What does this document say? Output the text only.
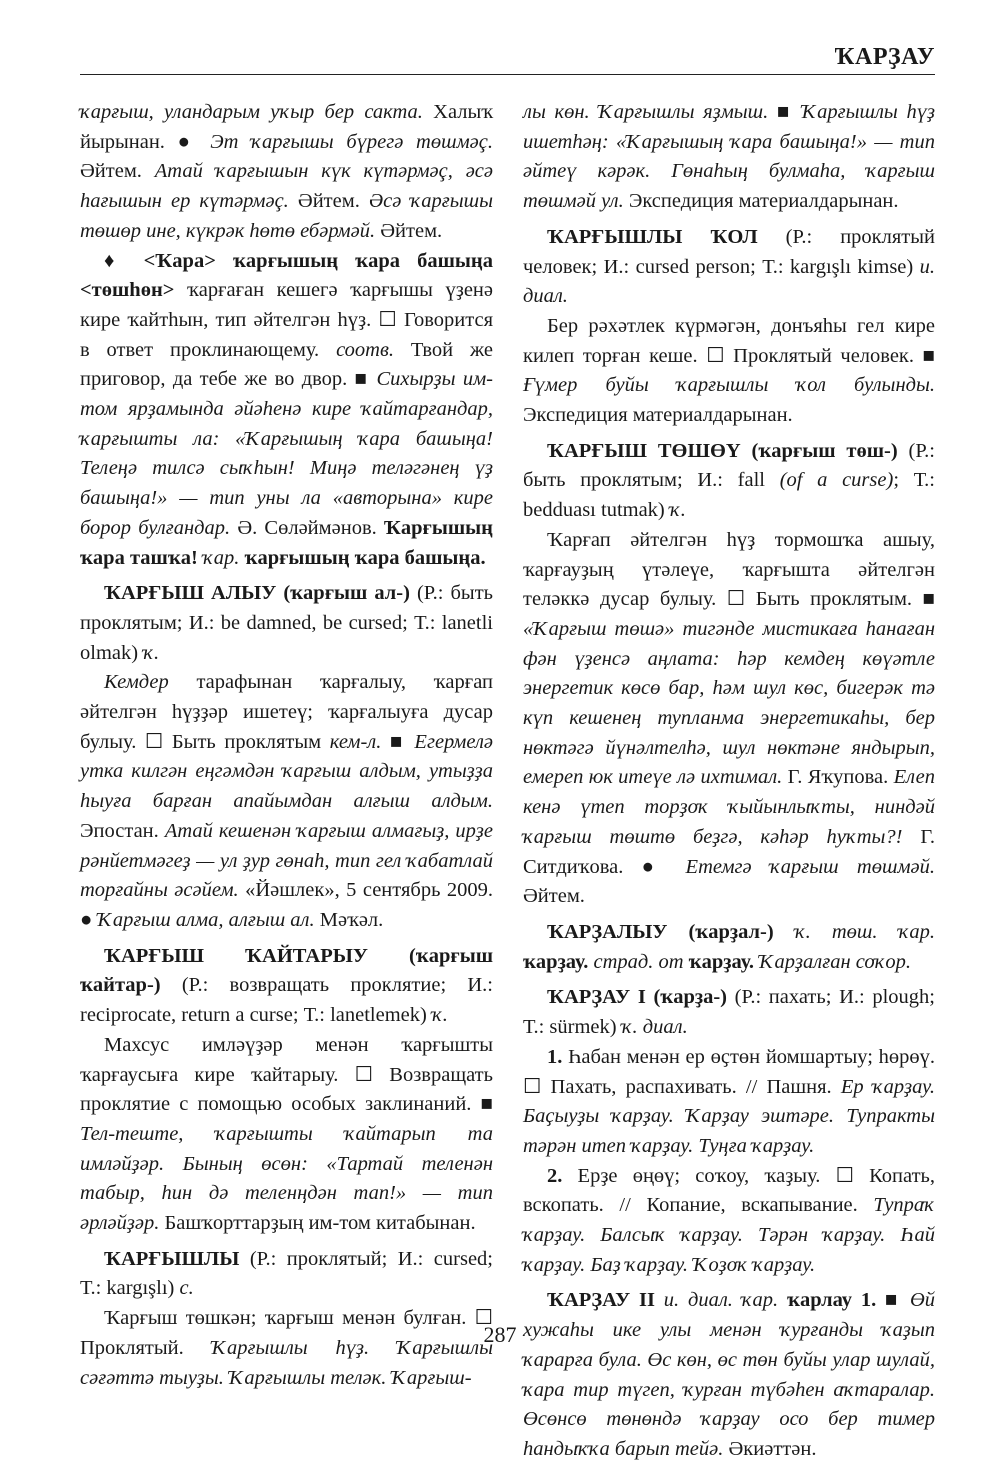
ҠАРҘАУ

ҡарғыш, уландарым уҡыр бер сакта. Халыҡ йырынан. ● Эт ҡарғышы бүрегә төшмәç. Әйтем. Атай ҡарғышын күк күтәрмәç, әсә һағышын ер күтәрмәç. Әйтем. Әсә ҡарғышы төшөр ине, күкрәк һөтө ебәрмәй. Әйтем.

♦ <Ҡара> ҡарғышың ҡара башыңа <төшһөн> ҡарғаған кешегә ҡарғышы үҙенә кире ҡайтһын, тип әйтелгән һүҙ. ☐ Говорится в ответ проклинающему. соотв. Твой же приговор, да тебе же во двор. ■ Сихырҙы им-том ярҙамында әйәһенә кире ҡайтарғандар, ҡарғышты ла: «Ҡарғышың ҡара башыңа! Телеңә тилсә сыҡһын! Миңә теләгәнең үҙ башыңа!» — тип уны ла «авторына» кире борор булғандар. Ә. Сөләймәнов. Ҡарғышың ҡара ташҡа! ҡар. ҡарғышың ҡара башыңа.

ҠАРҒЫШ АЛЫУ (ҡарғыш ал-) (Р.: быть проклятым; И.: be damned, be cursed; Т.: lanetli olmak) ҡ.

Кемдер тарафынан ҡарғалыу, ҡарғап әйтелгән һүҙҙәр ишетеү; ҡарғалыуға дусар булыу. ☐ Быть проклятым кем-л. ■ Егермелә утка килгән еңгәмдән ҡарғыш алдым, утыҙҙа һыуға барған апайымдан алғыш алдым. Эпостан. Атай кешенән ҡарғыш алмағыҙ, ирҙе рәнйетмәгеҙ — ул ҙур гөнаһ, тип гел ҡабатлай торғайны әсәйем. «Йәшлек», 5 сентябрь 2009. ● Ҡарғыш алма, алғыш ал. Мәҡәл.

ҠАРҒЫШ ҠАЙТАРЫУ (ҡарғыш ҡайтар-) (Р.: возвращать проклятие; И.: reciprocate, return a curse; Т.: lanetlemek) ҡ.

Махсус имләүҙәр менән ҡарғышты ҡарғаусыға кире ҡайтарыу. ☐ Возвращать проклятие с помощью особых заклинаний. ■ Тел-теште, ҡарғышты ҡайтарып та имләйҙәр. Бының өсөн: «Тартай теленән табыр, һин дә теленңдән тап!» — тип әрләйҙәр. Башҡорттарҙың им-том китабынан.

ҠАРҒЫШЛЫ (Р.: проклятый; И.: cursed; Т.: kargışlı) с.

Ҡарғыш төшкән; ҡарғыш менән булған. ☐ Проклятый. Ҡарғышлы һүҙ. Ҡарғышлы сәғәттә тыуҙы. Ҡарғышлы теләк. Ҡарғыш-

лы көн. Ҡарғышлы яҙмыш. ■ Ҡарғышлы һүҙ ишетһәң: «Ҡарғышың ҡара башыңа!» — тип әйтеү кәрәк. Гөнаһың булмаһа, ҡарғыш төшмәй ул. Экспедиция материалдарынан.

ҠАРҒЫШЛЫ ҠОЛ (Р.: проклятый человек; И.: cursed person; Т.: kargışlı kimse) и. диал.

Бер рәхәтлек күрмәгән, донъяһы гел кире килеп торған кеше. ☐ Проклятый человек. ■ Ғүмер буйы ҡарғышлы ҡол булынды. Экспедиция материалдарынан.

ҠАРҒЫШ ТӨШӨҮ (ҡарғыш төш-) (Р.: быть проклятым; И.: fall (of a curse); Т.: bedduası tutmak) ҡ.

Ҡарғап әйтелгән һүҙ тормошҡа ашыу, ҡарғауҙың үтәлеүе, ҡарғышта әйтелгән теләккә дусар булыу. ☐ Быть проклятым. ■ «Ҡарғыш төшә» тигәнде мистикаға һанаған фән үҙенсә аңлата: һәр кемдең көүәтле энергетик көсө бар, һәм шул көс, бигерәк тә күп кешенең тупланма энергетикаһы, бер нөктәгә йүнәлтелһә, шул нөктәне яндырып, емереп юк итеүе лә ихтимал. Г. Яҡупова. Елеп кенә үтеп торҙоҡ ҡыйынлыҡты, ниндәй ҡарғыш төштө беҙгә, кәһәр һуҡты?! Г. Ситдиҡова. ● Етемгә ҡарғыш төшмәй. Әйтем.

ҠАРҘАЛЫУ (ҡарҙал-) ҡ. төш. ҡар. ҡарҙау. страд. от ҡарҙау. Ҡарҙалған соҡор.

ҠАРҘАУ I (ҡарҙа-) (Р.: пахать; И.: plough; Т.: sürmek) ҡ. диал.

1. Һабан менән ер өҫтөн йомшартыу; һөрөү. ☐ Пахать, распахивать. // Пашня. Ер ҡарҙау. Баҫыуҙы ҡарҙау. Ҡарҙау эштәре. Тупракты тәрән итеп ҡарҙау. Туңға ҡарҙау.

2. Ерҙе өңөү; соҡоу, ҡаҙыу. ☐ Копать, вскопать. // Копание, вскапывание. Тупраҡ ҡарҙау. Балсыҡ ҡарҙау. Тәрән ҡарҙау. Һай ҡарҙау. Баҙ ҡарҙау. Ҡоҙоҡ ҡарҙау.

ҠАРҘАУ II и. диал. ҡар. ҡарлау 1. ■ Өй хужаһы ике улы менән ҡурғанды ҡаҙып ҡарарға була. Өс көн, өс төн буйы улар шулай, ҡара тир түгеп, ҡурған түбәһен аҡтаралар. Өсөнсө төнөндә ҡарҙау осо бер тимер һандыҡҡа барып тейә. Әкиәттән.

287
